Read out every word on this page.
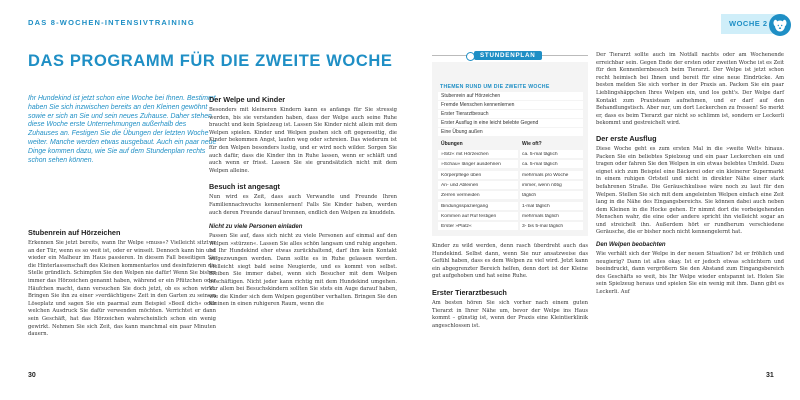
DAS 8-WOCHEN-INTENSIVTRAINING	WOCHE 2
DAS PROGRAMM FÜR DIE ZWEITE WOCHE
Ihr Hundekind ist jetzt schon eine Woche bei Ihnen. Bestimmt haben Sie sich inzwischen bereits an den Kleinen gewöhnt sowie er sich an Sie und sein neues Zuhause. Daher stehen diese Woche erste Unternehmungen außerhalb des Zuhauses an. Festigen Sie die Übungen der letzten Woche weiter. Manche werden etwas ausgebaut. Auch ein paar neue Dinge kommen dazu, wie Sie auf dem Stundenplan rechts schon sehen können.
Stubenrein auf Hörzeichen
Erkennen Sie jetzt bereits, wann Ihr Welpe »muss«? Vielleicht sitzt er an der Tür, wenn es so weit ist, oder er winselt. Dennoch kann hin und wieder ein Malheur im Haus passieren. In diesem Fall beseitigen Sie die Hinterlassenschaft des Kleinen kommentarlos und desinfizieren die Stelle gründlich. Schimpfen Sie den Welpen nie dafür! Wenn Sie bisher immer das Hörzeichen genannt haben, während er ein Pfützchen oder Häufchen macht, dann versuchen Sie doch jetzt, ob es schon wirkt. Bringen Sie ihn zu einer »verdächtigen« Zeit in den Garten zu seinem Löseplatz und sagen Sie ein paarmal zum Beispiel »Beeil dich« oder welchen Ausdruck Sie dafür verwenden möchten. Verrichtet er dann sein Geschäft, hat das Hörzeichen wahrscheinlich schon ein wenig gewirkt. Nehmen Sie sich Zeit, das kann manchmal ein paar Minuten dauern.
Der Welpe und Kinder
Besonders mit kleineren Kindern kann es anfangs für Sie stressig werden, bis sie verstanden haben, dass der Welpe auch seine Ruhe braucht und kein Spielzeug ist. Lassen Sie Kinder nicht allein mit dem Welpen spielen. Kinder und Welpen pushen sich oft gegenseitig, die Kinder bekommen Angst, laufen weg oder schreien. Das wiederum ist für den Welpen besonders lustig, und er wird noch wilder. Sorgen Sie auch dafür, dass die Kinder ihn in Ruhe lassen, wenn er schläft und auch wenn er frisst. Lassen Sie sie grundsätzlich nicht mit dem Welpen alleine.
Besuch ist angesagt
Nun wird es Zeit, dass auch Verwandte und Freunde Ihren Familiennachwuchs kennenlernen! Falls Sie Kinder haben, werden auch deren Freunde darauf brennen, endlich den Welpen zu knuddeln.
Nicht zu viele Personen einladen
Passen Sie auf, dass sich nicht zu viele Personen auf einmal auf den Welpen »stürzen«. Lassen Sie alles schön langsam und ruhig angehen. Ist Ihr Hundekind eher etwas zurückhaltend, darf ihm kein Kontakt aufgezwungen werden. Dann sollte es in Ruhe gelassen werden. Vielleicht siegt bald seine Neugierde, und es kommt von selbst. Bleiben Sie immer dabei, wenn sich Besucher mit dem Welpen beschäftigen. Nicht jeder kann richtig mit dem Hundekind umgehen. Vor allem bei Besuchskindern sollten Sie stets ein Auge darauf haben, wie die Kinder sich dem Welpen gegenüber verhalten. Bringen Sie den Kleinen in einen ruhigeren Raum, wenn die
30
STUNDENPLAN
THEMEN RUND UM DIE ZWEITE WOCHE
Stubenrein auf Hörzeichen
Fremde Menschen kennenlernen
Erster Tierarztbesuch
Erster Ausflug in eine leicht belebte Gegend
Eine Übung außen
Übungen	Wie oft?
»Sitz« mit Hörzeichen	ca. 5-mal täglich
»Schau« länger ausdehnen	ca. 5-mal täglich
Körperpflege üben	mehrmals pro Woche
An- und Ableinen	immer, wenn nötig
Zerren vermeiden	täglich
Bindungsspaziergang	1-mal täglich
Kommen auf Ruf festigen	mehrmals täglich
Erster »Platz«	3- bis 5-mal täglich
Kinder zu wild werden, denn rasch überdreht auch das Hundekind. Selbst dann, wenn Sie nur ansatzweise das Gefühl haben, dass es dem Welpen zu viel wird. Jetzt kann ein abgegrenzter Bereich helfen, denn dort ist der Kleine gut aufgehoben und hat seine Ruhe.
Erster Tierarztbesuch
Am besten hören Sie sich vorher nach einem guten Tierarzt in Ihrer Nähe um, bevor der Welpe ins Haus kommt – günstig ist, wenn der Praxis eine Kleintierklinik angeschlossen ist.
Der Tierarzt sollte auch im Notfall nachts oder am Wochenende erreichbar sein. Gegen Ende der ersten oder zweiten Woche ist es Zeit für den Kennenlernbesuch beim Tierarzt. Der Welpe ist jetzt schon recht heimisch bei Ihnen und bereit für eine neue Eindrücke. Am besten melden Sie sich vorher in der Praxis an. Packen Sie ein paar Lieblingshäppchen Ihres Welpen ein, und los geht's. Der Welpe darf Kontakt zum Praxisteam aufnehmen, und er darf auf den Behandlungstisch. Aber nur, um dort Leckerchen zu fressen! So merkt er, dass es beim Tierarzt gar nicht so schlimm ist, sondern er Leckerli bekommt und gestreichelt wird.
Der erste Ausflug
Diese Woche geht es zum ersten Mal in die »weite Welt« hinaus. Packen Sie ein beliebtes Spielzeug und ein paar Leckerchen ein und tragen oder fahren Sie den Welpen in ein etwas belebtes Umfeld. Dazu eignet sich zum Beispiel eine Bäckerei oder ein kleinerer Supermarkt in einem ruhigen Ortsteil und nicht in direkter Nähe einer stark befahrenen Straße. Die Geräuschkulisse wäre noch zu laut für den Welpen. Stellen Sie sich mit dem angeleinten Welpen einfach eine Zeit lang in die Nähe des Eingangsbereichs. Sie können dabei auch neben dem Kleinen in die Hocke gehen. Er nimmt dort die vorbeigehenden Menschen wahr, die eine oder andere spricht ihn vielleicht sogar an und streichelt ihn. Außerdem hört er rundherum verschiedene Geräusche, die er bisher noch nicht kennengelernt hat.
Den Welpen beobachten
Wie verhält sich der Welpe in der neuen Situation? Ist er fröhlich und neugierig? Dann ist alles okay. Ist er jedoch etwas schüchtern und beeindruckt, dann vergrößern Sie den Abstand zum Eingangsbereich des Geschäfts so weit, bis Ihr Welpe wieder entspannt ist. Holen Sie sein Spielzeug heraus und spielen Sie ein wenig mit ihm. Dann gibt es Leckerli. Auf
31
